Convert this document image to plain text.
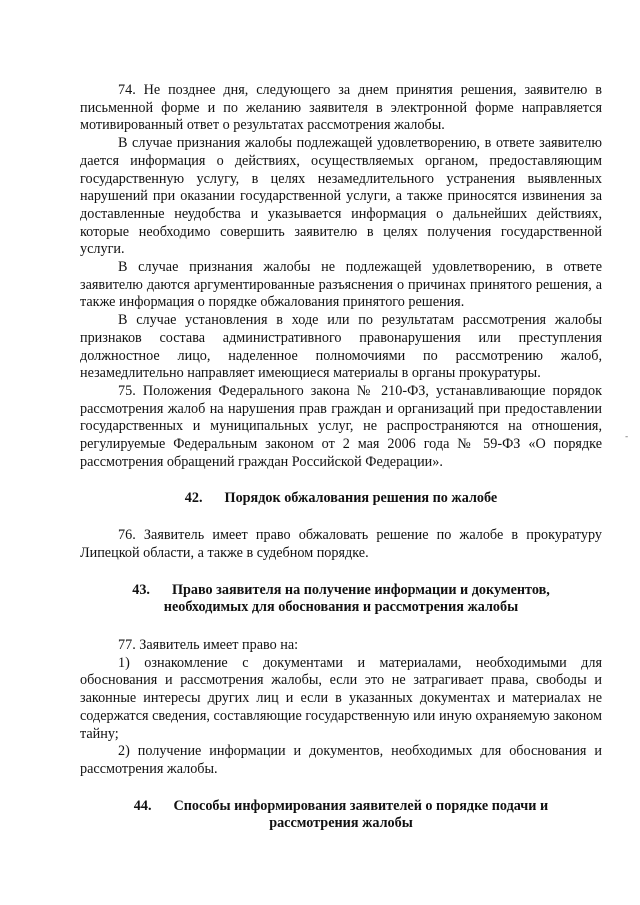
74. Не позднее дня, следующего за днем принятия решения, заявителю в письменной форме и по желанию заявителя в электронной форме направляется мотивированный ответ о результатах рассмотрения жалобы.

В случае признания жалобы подлежащей удовлетворению, в ответе заявителю дается информация о действиях, осуществляемых органом, предоставляющим государственную услугу, в целях незамедлительного устранения выявленных нарушений при оказании государственной услуги, а также приносятся извинения за доставленные неудобства и указывается информация о дальнейших действиях, которые необходимо совершить заявителю в целях получения государственной услуги.

В случае признания жалобы не подлежащей удовлетворению, в ответе заявителю даются аргументированные разъяснения о причинах принятого решения, а также информация о порядке обжалования принятого решения.

В случае установления в ходе или по результатам рассмотрения жалобы признаков состава административного правонарушения или преступления должностное лицо, наделенное полномочиями по рассмотрению жалоб, незамедлительно направляет имеющиеся материалы в органы прокуратуры.

75. Положения Федерального закона № 210-ФЗ, устанавливающие порядок рассмотрения жалоб на нарушения прав граждан и организаций при предоставлении государственных и муниципальных услуг, не распространяются на отношения, регулируемые Федеральным законом от 2 мая 2006 года № 59-ФЗ «О порядке рассмотрения обращений граждан Российской Федерации».

42. Порядок обжалования решения по жалобе

76. Заявитель имеет право обжаловать решение по жалобе в прокуратуру Липецкой области, а также в судебном порядке.

43. Право заявителя на получение информации и документов,
необходимых для обоснования и рассмотрения жалобы

77. Заявитель имеет право на:

1) ознакомление с документами и материалами, необходимыми для обоснования и рассмотрения жалобы, если это не затрагивает права, свободы и законные интересы других лиц и если в указанных документах и материалах не содержатся сведения, составляющие государственную или иную охраняемую законом тайну;

2) получение информации и документов, необходимых для обоснования и рассмотрения жалобы.

44. Способы информирования заявителей о порядке подачи и
рассмотрения жалобы
-
